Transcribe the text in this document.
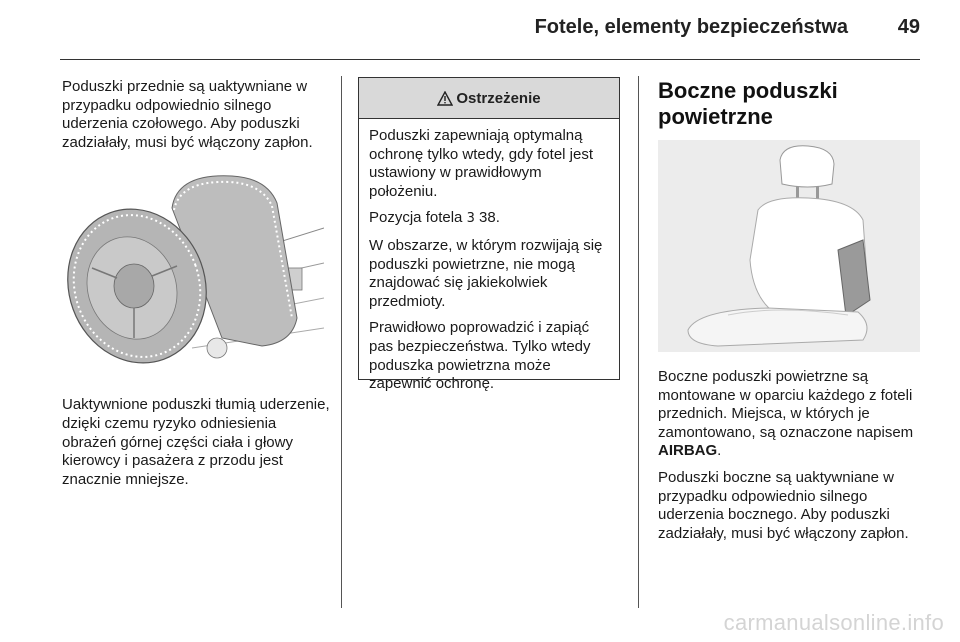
Fotele, elementy bezpieczeństwa 49

Poduszki przednie są uaktywniane w przypadku odpowiednio silnego uderzenia czołowego. Aby poduszki zadziałały, musi być włączony zapłon.

Uaktywnione poduszki tłumią uderzenie, dzięki czemu ryzyko odniesienia obrażeń górnej części ciała i głowy kierowcy i pasażera z przodu jest znacznie mniejsze.

Ostrzeżenie

Poduszki zapewniają optymalną ochronę tylko wtedy, gdy fotel jest ustawiony w prawidłowym położeniu.

Pozycja fotela 3 38.

W obszarze, w którym rozwijają się poduszki powietrzne, nie mogą znajdować się jakiekolwiek przedmioty.

Prawidłowo poprowadzić i zapiąć pas bezpieczeństwa. Tylko wtedy poduszka powietrzna może zapewnić ochronę.

Boczne poduszki powietrzne

Boczne poduszki powietrzne są montowane w oparciu każdego z foteli przednich. Miejsca, w których je zamontowano, są oznaczone napisem AIRBAG.

Poduszki boczne są uaktywniane w przypadku odpowiednio silnego uderzenia bocznego. Aby poduszki zadziałały, musi być włączony zapłon.

carmanualsonline.info
